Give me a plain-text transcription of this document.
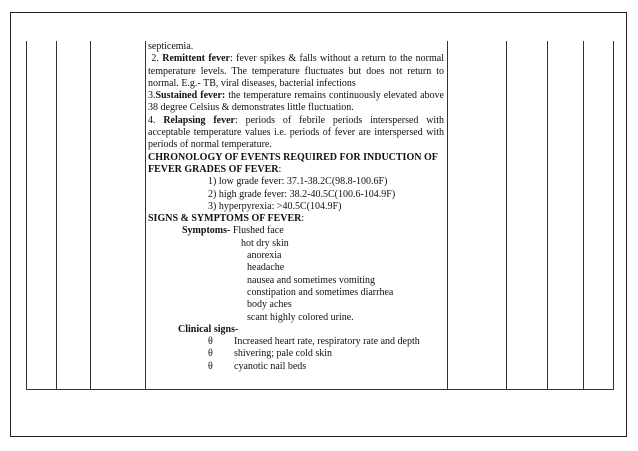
septicemia.

2. Remittent fever: fever spikes & falls without a return to the normal temperature levels. The temperature fluctuates but does not return to normal. E.g.- TB, viral diseases, bacterial infections

3.Sustained fever: the temperature remains continuously elevated above 38 degree Celsius & demonstrates little fluctuation.

4. Relapsing fever: periods of febrile periods interspersed with acceptable temperature values i.e. periods of fever are interspersed with periods of normal temperature.

CHRONOLOGY OF EVENTS REQUIRED FOR INDUCTION OF FEVER GRADES OF FEVER:

1) low grade fever: 37.1-38.2C(98.8-100.6F)

2) high grade fever: 38.2-40.5C(100.6-104.9F)

3) hyperpyrexia: >40.5C(104.9F)

SIGNS & SYMPTOMS OF FEVER:

Symptoms- Flushed face

hot dry skin

anorexia

headache

nausea and sometimes vomiting

constipation and sometimes diarrhea

body aches

scant highly colored urine.

Clinical signs-

θ Increased heart rate, respiratory rate and depth

θ shivering; pale cold skin

θ cyanotic nail beds
